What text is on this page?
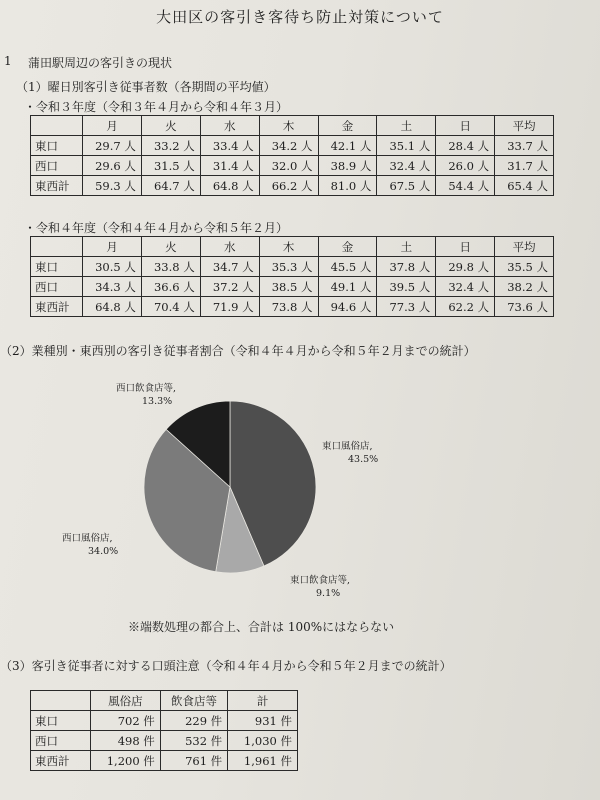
大田区の客引き客待ち防止対策について
1 蒲田駅周辺の客引きの現状
（1）曜日別客引き従事者数（各期間の平均値）
・令和３年度（令和３年４月から令和４年３月）
	月	火	水	木	金	土	日	平均
東口	29.7 人	33.2 人	33.4 人	34.2 人	42.1 人	35.1 人	28.4 人	33.7 人
西口	29.6 人	31.5 人	31.4 人	32.0 人	38.9 人	32.4 人	26.0 人	31.7 人
東西計	59.3 人	64.7 人	64.8 人	66.2 人	81.0 人	67.5 人	54.4 人	65.4 人
・令和４年度（令和４年４月から令和５年２月）
	月	火	水	木	金	土	日	平均
東口	30.5 人	33.8 人	34.7 人	35.3 人	45.5 人	37.8 人	29.8 人	35.5 人
西口	34.3 人	36.6 人	37.2 人	38.5 人	49.1 人	39.5 人	32.4 人	38.2 人
東西計	64.8 人	70.4 人	71.9 人	73.8 人	94.6 人	77.3 人	62.2 人	73.6 人
（2）業種別・東西別の客引き従事者割合（令和４年４月から令和５年２月までの統計）
東口風俗店,
43.5%
東口飲食店等,
9.1%
西口風俗店,
34.0%
西口飲食店等,
13.3%
※端数処理の都合上、合計は 100%にはならない
（3）客引き従事者に対する口頭注意（令和４年４月から令和５年２月までの統計）
	風俗店	飲食店等	計
東口	702 件	229 件	931 件
西口	498 件	532 件	1,030 件
東西計	1,200 件	761 件	1,961 件
